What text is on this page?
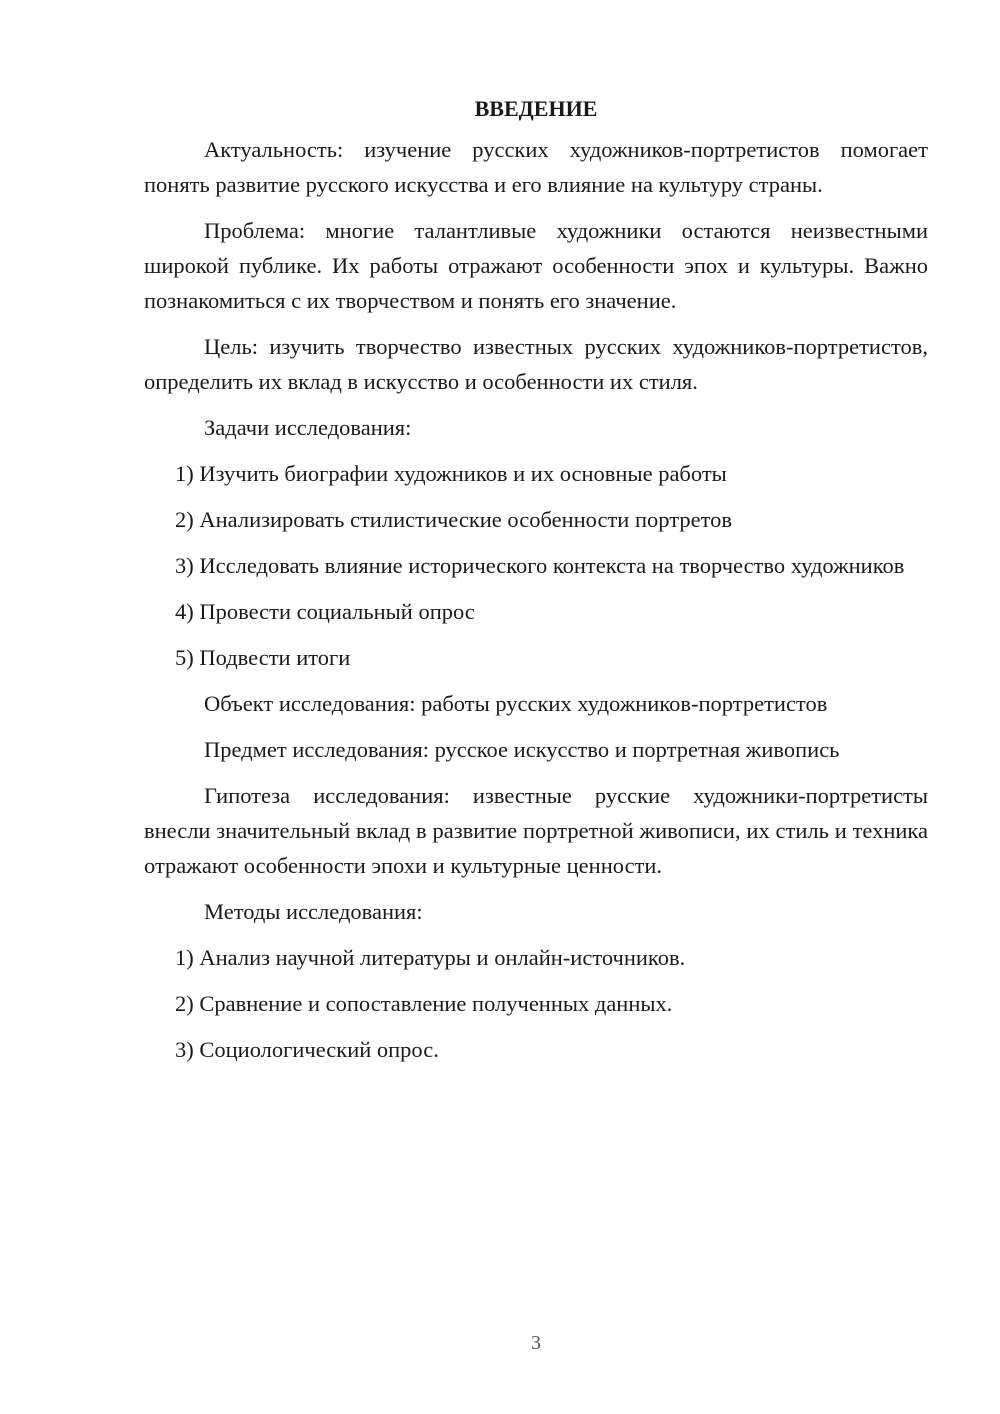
ВВЕДЕНИЕ

Актуальность: изучение русских художников-портретистов помогает понять развитие русского искусства и его влияние на культуру страны.

Проблема: многие талантливые художники остаются неизвестными широкой публике. Их работы отражают особенности эпох и культуры. Важно познакомиться с их творчеством и понять его значение.

Цель: изучить творчество известных русских художников-портретистов, определить их вклад в искусство и особенности их стиля.

Задачи исследования:

1) Изучить биографии художников и их основные работы

2) Анализировать стилистические особенности портретов

3) Исследовать влияние исторического контекста на творчество художников

4) Провести социальный опрос

5) Подвести итоги

Объект исследования: работы русских художников-портретистов

Предмет исследования: русское искусство и портретная живопись

Гипотеза исследования: известные русские художники-портретисты внесли значительный вклад в развитие портретной живописи, их стиль и техника отражают особенности эпохи и культурные ценности.

Методы исследования:

1) Анализ научной литературы и онлайн-источников.

2) Сравнение и сопоставление полученных данных.

3) Социологический опрос.

3
